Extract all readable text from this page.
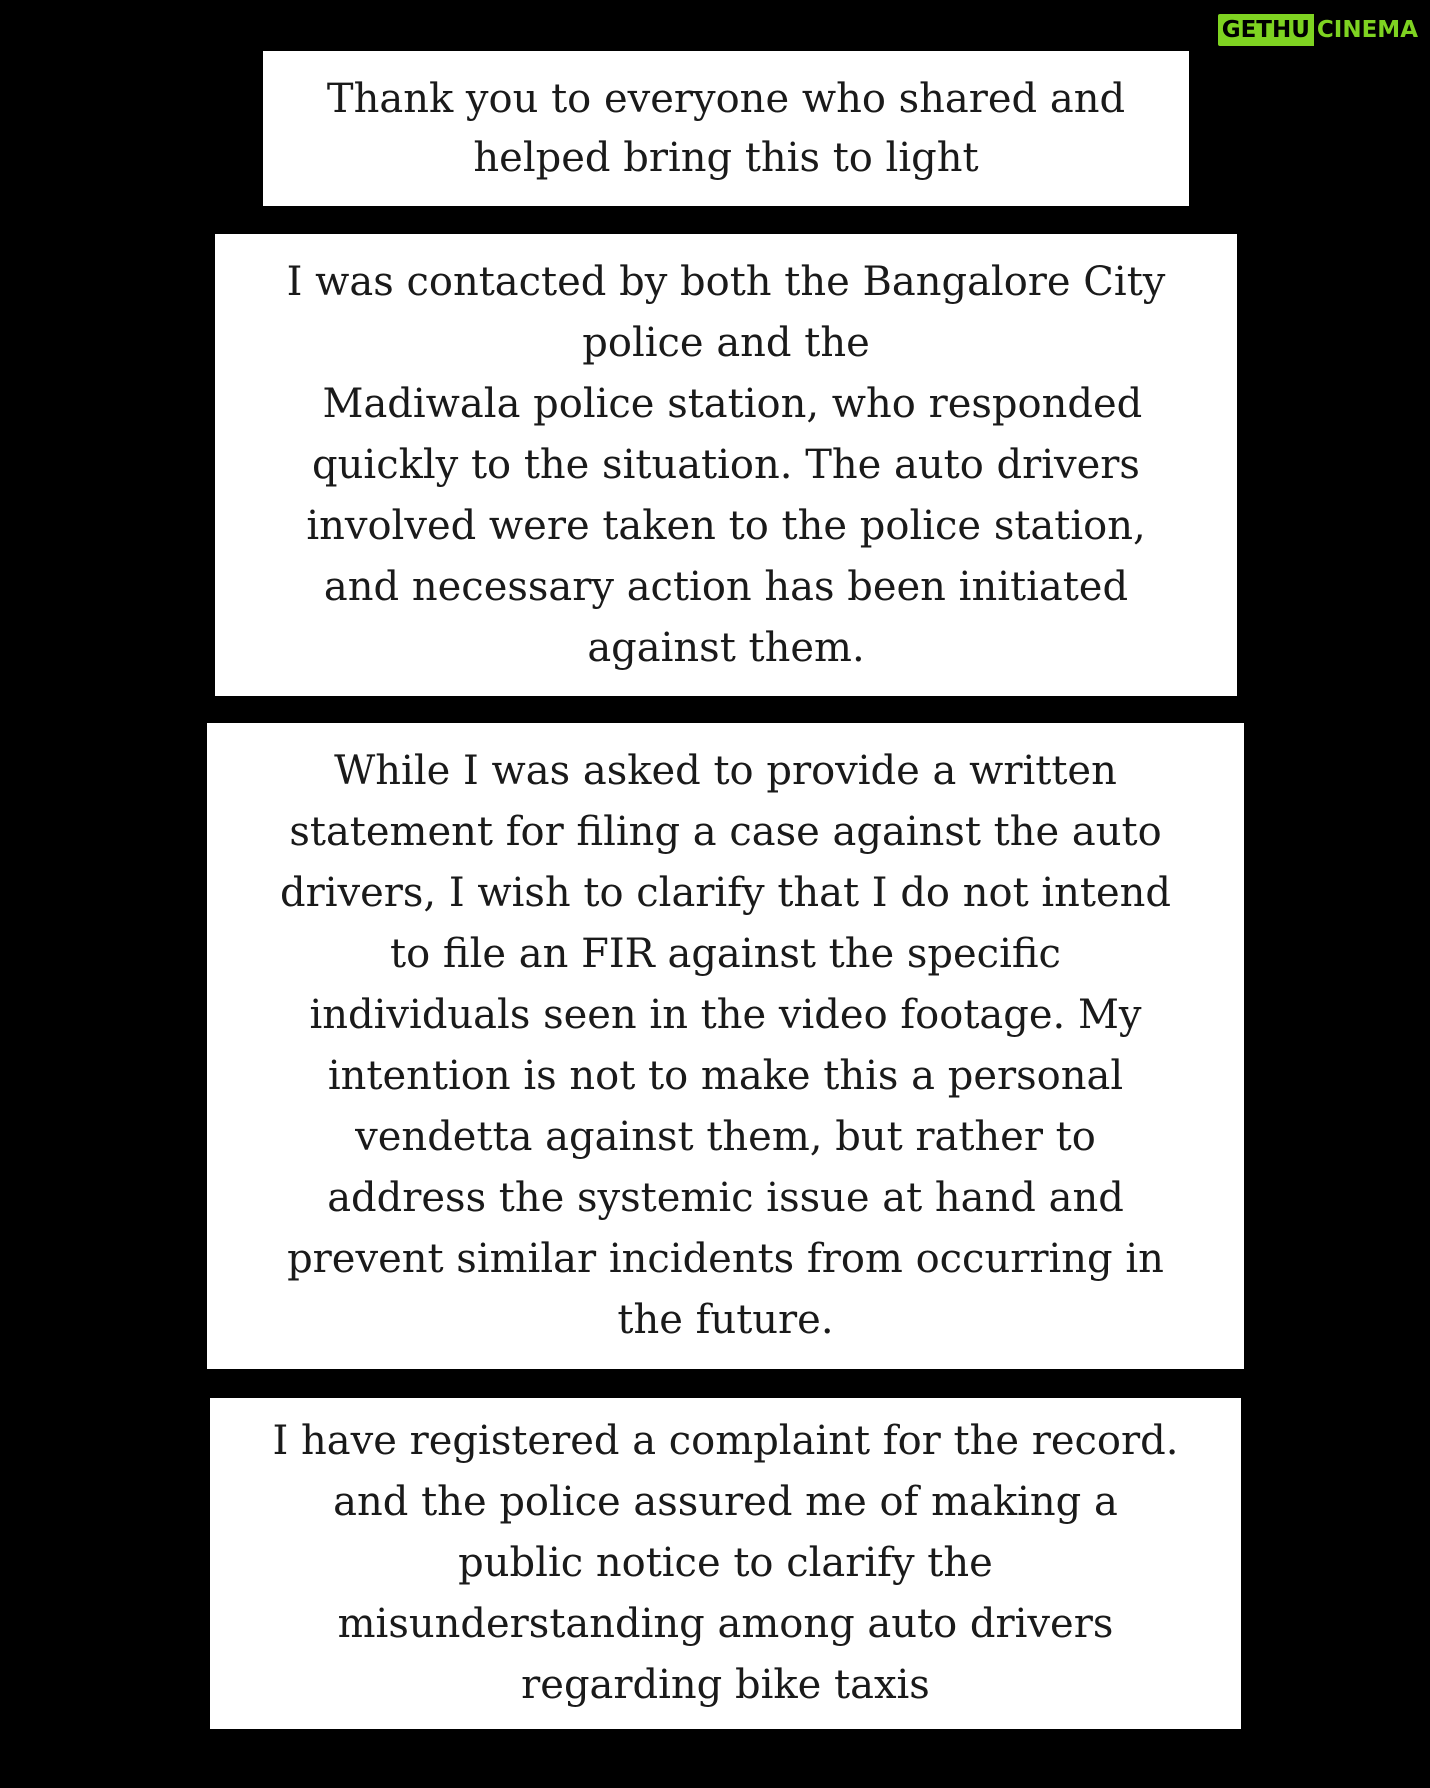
GETHU CINEMA

Thank you to everyone who shared and

helped bring this to light

I was contacted by both the Bangalore City

police and the

Madiwala police station, who responded

quickly to the situation. The auto drivers

involved were taken to the police station,

and necessary action has been initiated

against them.

While I was asked to provide a written

statement for filing a case against the auto

drivers, I wish to clarify that I do not intend

to file an FIR against the specific

individuals seen in the video footage. My

intention is not to make this a personal

vendetta against them, but rather to

address the systemic issue at hand and

prevent similar incidents from occurring in

the future.

I have registered a complaint for the record.

and the police assured me of making a

public notice to clarify the

misunderstanding among auto drivers

regarding bike taxis
